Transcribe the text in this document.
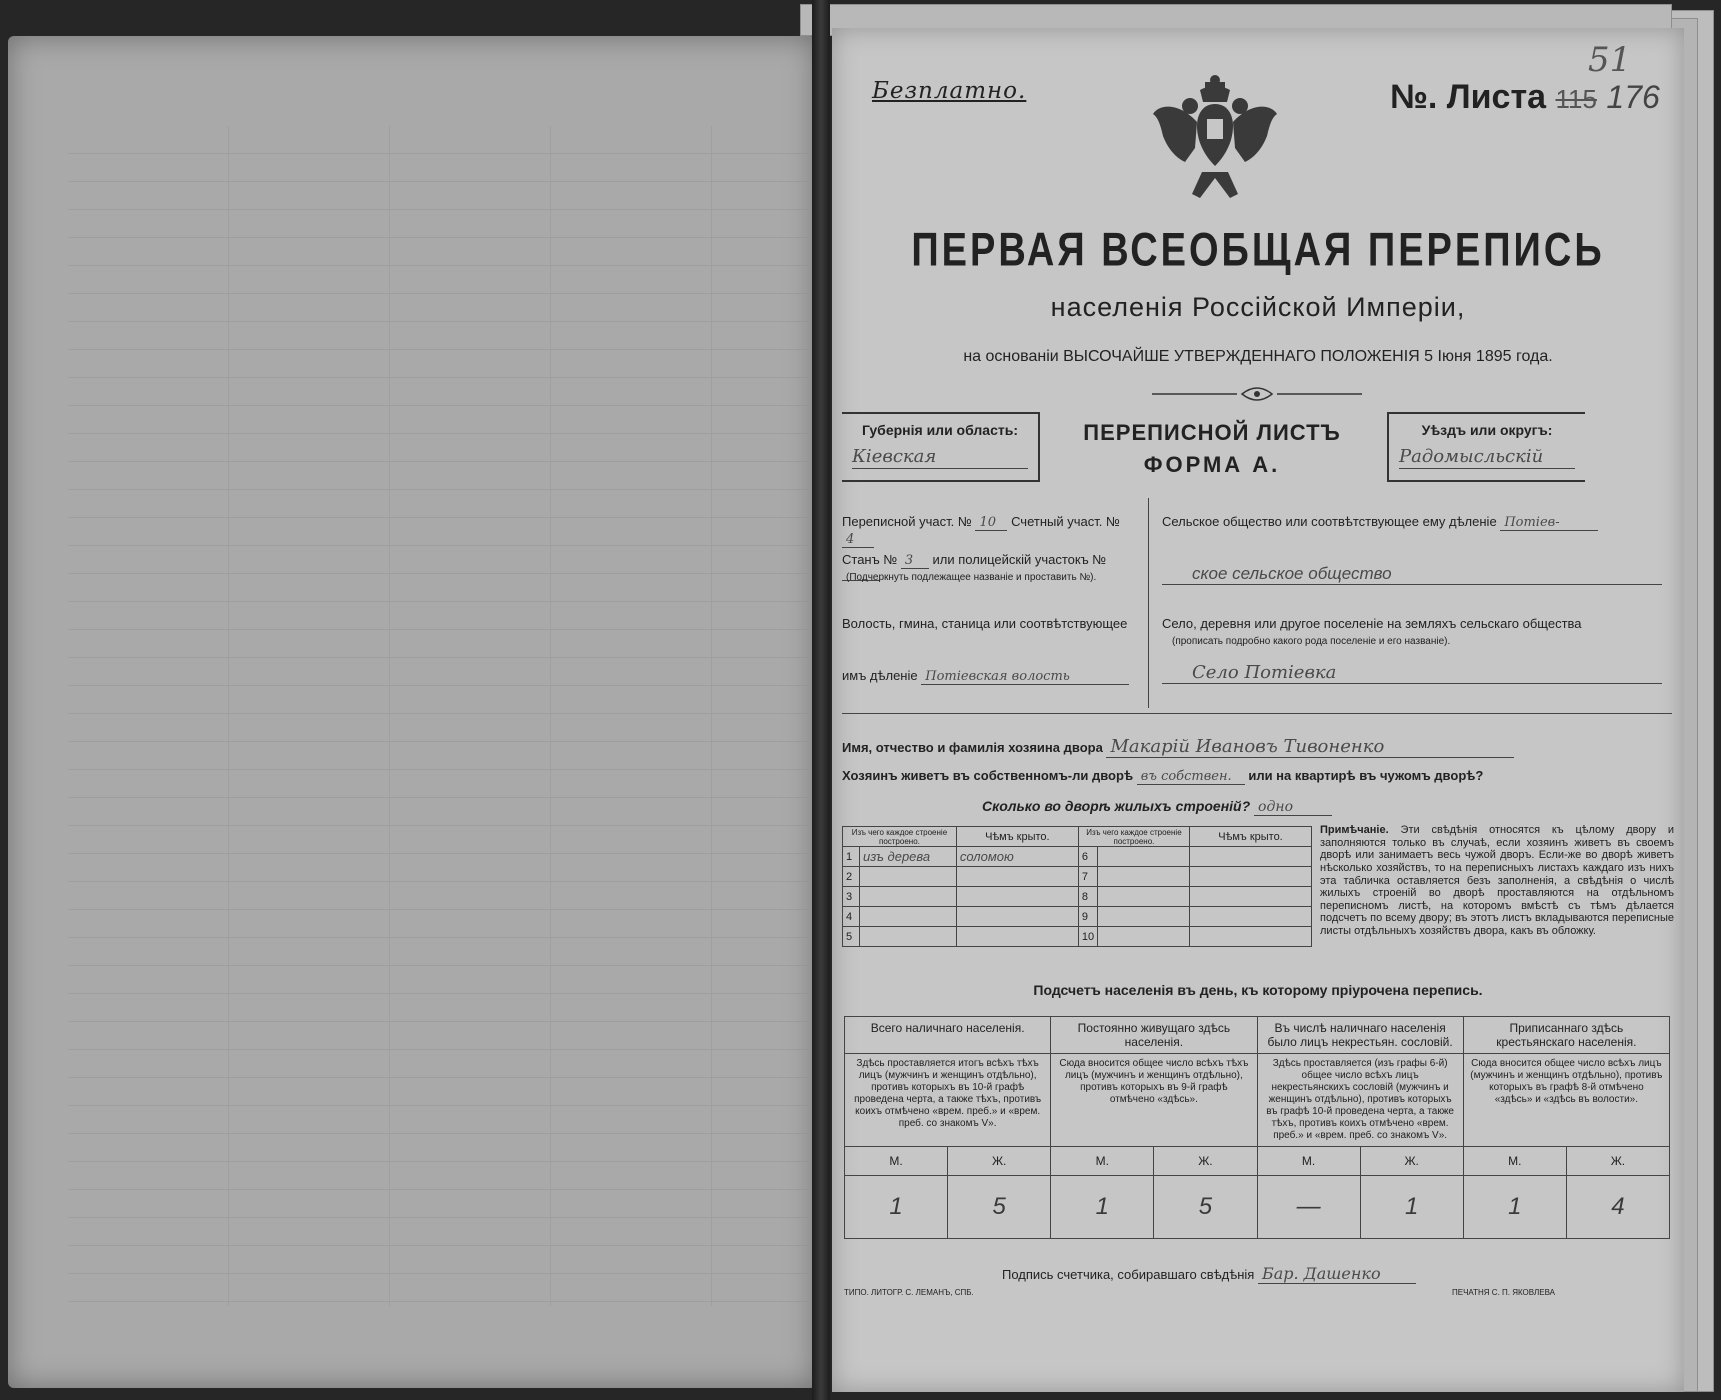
Безплатно.
51
№. Листа 115 176
ПЕРВАЯ ВСЕОБЩАЯ ПЕРЕПИСЬ
населенія Россійской Имперіи,
на основаніи ВЫСОЧАЙШЕ УТВЕРЖДЕННАГО ПОЛОЖЕНІЯ 5 Іюня 1895 года.
Губернія или область:
Кіевская
ПЕРЕПИСНОЙ ЛИСТЪ
ФОРМА А.
Уѣздъ или округъ:
Радомысльскій
Переписной участ. № 10 Счетный участ. № 4
Станъ № 3 или полицейскій участокъ №
(Подчеркнуть подлежащее названіе и проставить №).
Волость, гмина, станица или соотвѣтствующее
имъ дѣленіе Потіевская волость
Сельское общество или соотвѣтствующее ему дѣленіе Потіев-
ское сельское общество
Село, деревня или другое поселеніе на земляхъ сельскаго общества
(прописать подробно какого рода поселеніе и его названіе).
Село Потіевка
Имя, отчество и фамилія хозяина двора Макарій Ивановъ Тивоненко
Хозяинъ живетъ въ собственномъ-ли дворѣ въ собствен. или на квартирѣ въ чужомъ дворѣ?
Сколько во дворѣ жилыхъ строеній? одно
Изъ чего каждое строеніе построено.		Чѣмъ крыто.	Изъ чего каждое строеніе построено.		Чѣмъ крыто.
1	изъ дерева	соломою	6		
2			7		
3			8		
4			9		
5			10		
Примѣчаніе. Эти свѣдѣнія относятся къ цѣлому двору и заполняются только въ случаѣ, если хозяинъ живетъ въ своемъ дворѣ или занимаетъ весь чужой дворъ. Если-же во дворѣ живетъ нѣсколько хозяйствъ, то на переписныхъ листахъ каждаго изъ нихъ эта табличка оставляется безъ заполненія, а свѣдѣнія о числѣ жилыхъ строеній во дворѣ проставляются на отдѣльномъ переписномъ листѣ, на которомъ вмѣстѣ съ тѣмъ дѣлается подсчетъ по всему двору; въ этотъ листъ вкладываются переписные листы отдѣльныхъ хозяйствъ двора, какъ въ обложку.
Подсчетъ населенія въ день, къ которому пріурочена перепись.
Всего наличнаго населенія.		Постоянно живущаго здѣсь населенія.		Въ числѣ наличнаго населенія было лицъ некрестьян. сословій.		Приписаннаго здѣсь крестьянскаго населенія.	
Здѣсь проставляется итогъ всѣхъ тѣхъ лицъ (мужчинъ и женщинъ отдѣльно), противъ которыхъ въ 10-й графѣ проведена черта, а также тѣхъ, противъ коихъ отмѣчено «врем. преб.» и «врем. преб. со знакомъ V».		Сюда вносится общее число всѣхъ тѣхъ лицъ (мужчинъ и женщинъ отдѣльно), противъ которыхъ въ 9-й графѣ отмѣчено «здѣсь».		Здѣсь проставляется (изъ графы 6-й) общее число всѣхъ лицъ некрестьянскихъ сословій (мужчинъ и женщинъ отдѣльно), противъ которыхъ въ графѣ 10-й проведена черта, а также тѣхъ, противъ коихъ отмѣчено «врем. преб.» и «врем. преб. со знакомъ V».		Сюда вносится общее число всѣхъ лицъ (мужчинъ и женщинъ отдѣльно), противъ которыхъ въ графѣ 8-й отмѣчено «здѣсь» и «здѣсь въ волости».	
М.	Ж.	М.	Ж.	М.	Ж.	М.	Ж.
1	5	1	5	—	1	1	4
Подпись счетчика, собиравшаго свѣдѣнія Бар. Дашенко
ТИПО. ЛИТОГР. С. ЛЕМАНЪ, СПБ.	ПЕЧАТНЯ С. П. ЯКОВЛЕВА
